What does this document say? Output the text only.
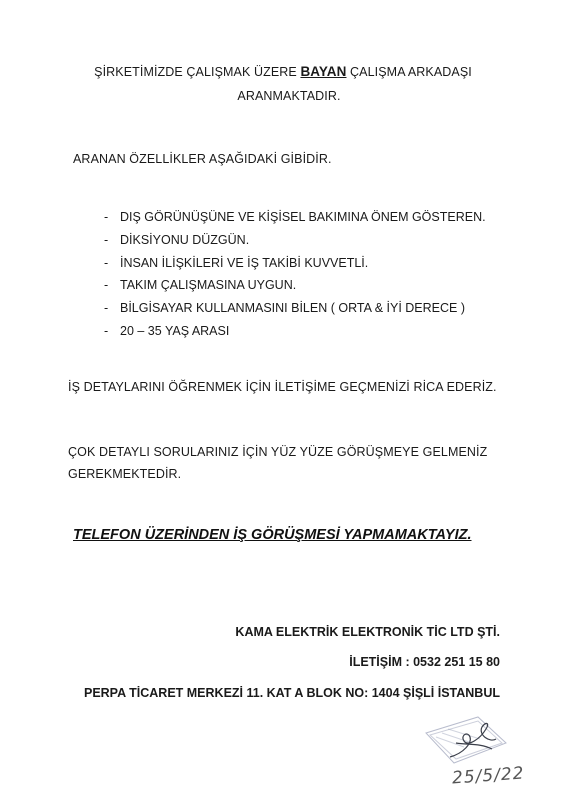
ŞİRKETİMİZDE ÇALIŞMAK ÜZERE BAYAN ÇALIŞMA ARKADAŞI
ARANMAKTADIR.
ARANAN ÖZELLİKLER AŞAĞIDAKİ GİBİDİR.
- DIŞ GÖRÜNÜŞÜNE VE KİŞİSEL BAKIMINA ÖNEM GÖSTEREN.
- DİKSİYONU DÜZGÜN.
- İNSAN İLİŞKİLERİ VE İŞ TAKİBİ KUVVETLİ.
- TAKIM ÇALIŞMASINA UYGUN.
- BİLGİSAYAR KULLANMASINI BİLEN ( ORTA & İYİ DERECE )
- 20 – 35 YAŞ ARASI
İŞ DETAYLARINI ÖĞRENMEK İÇİN İLETİŞİME GEÇMENİZİ RİCA EDERİZ.
ÇOK DETAYLI SORULARINIZ İÇİN YÜZ YÜZE GÖRÜŞMEYE GELMENİZ
GEREKMEKTEDİR.
TELEFON ÜZERİNDEN İŞ GÖRÜŞMESİ YAPMAMAKTAYIZ.
KAMA ELEKTRİK ELEKTRONİK TİC LTD ŞTİ.
İLETİŞİM : 0532 251 15 80
PERPA TİCARET MERKEZİ 11. KAT A BLOK NO: 1404 ŞİŞLİ İSTANBUL
25/5/22
